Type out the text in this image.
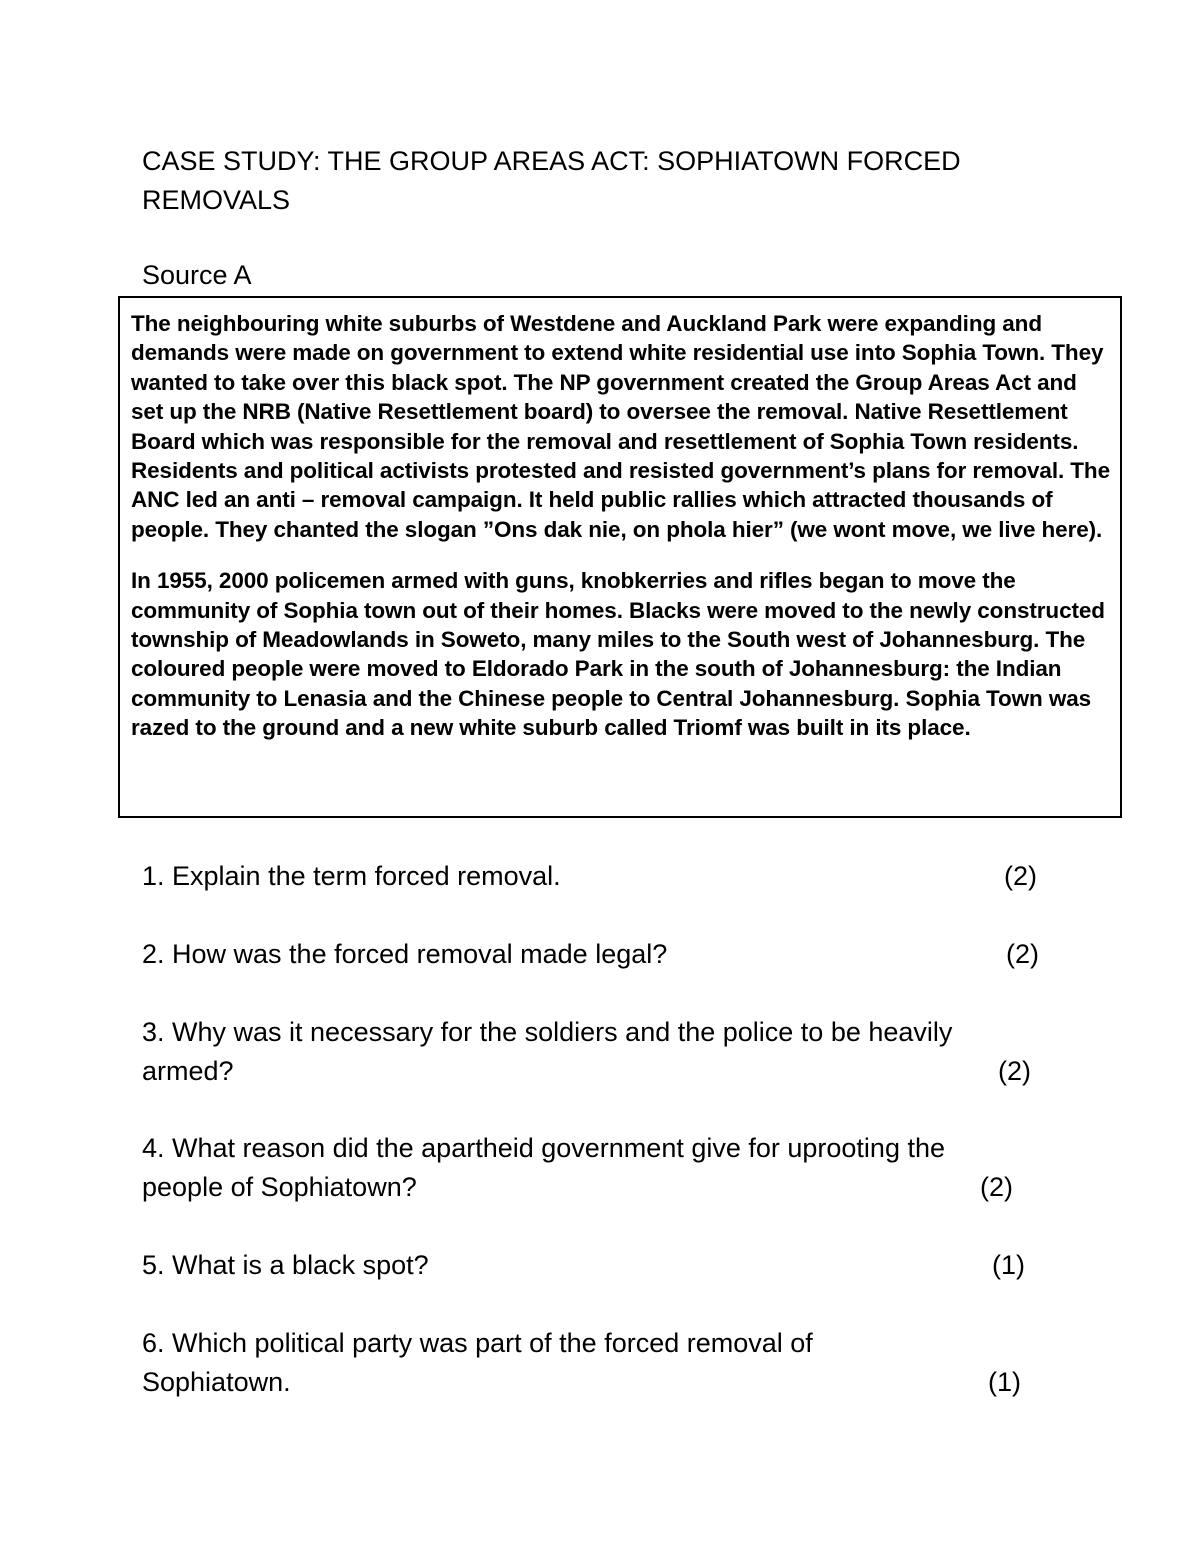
CASE STUDY: THE GROUP AREAS ACT: SOPHIATOWN FORCED REMOVALS
Source A

The neighbouring white suburbs of Westdene and Auckland Park were expanding and demands were made on government to extend white residential use into Sophia Town. They wanted to take over this black spot. The NP government created the Group Areas Act and set up the NRB (Native Resettlement board) to oversee the removal. Native Resettlement Board which was responsible for the removal and resettlement of Sophia Town residents. Residents and political activists protested and resisted government’s plans for removal. The ANC led an anti – removal campaign. It held public rallies which attracted thousands of people. They chanted the slogan ”Ons dak nie, on phola hier” (we wont move, we live here).

In 1955, 2000 policemen armed with guns, knobkerries and rifles began to move the community of Sophia town out of their homes. Blacks were moved to the newly constructed township of Meadowlands in Soweto, many miles to the South west of Johannesburg. The coloured people were moved to Eldorado Park in the south of Johannesburg: the Indian community to Lenasia and the Chinese people to Central Johannesburg. Sophia Town was razed to the ground and a new white suburb called Triomf was built in its place.

1. Explain the term forced removal.	(2)
2. How was the forced removal made legal?	(2)
3. Why was it necessary for the soldiers and the police to be heavily armed?	(2)
4. What reason did the apartheid government give for uprooting the people of Sophiatown?	(2)
5. What is a black spot?	(1)
6. Which political party was part of the forced removal of Sophiatown.	(1)
